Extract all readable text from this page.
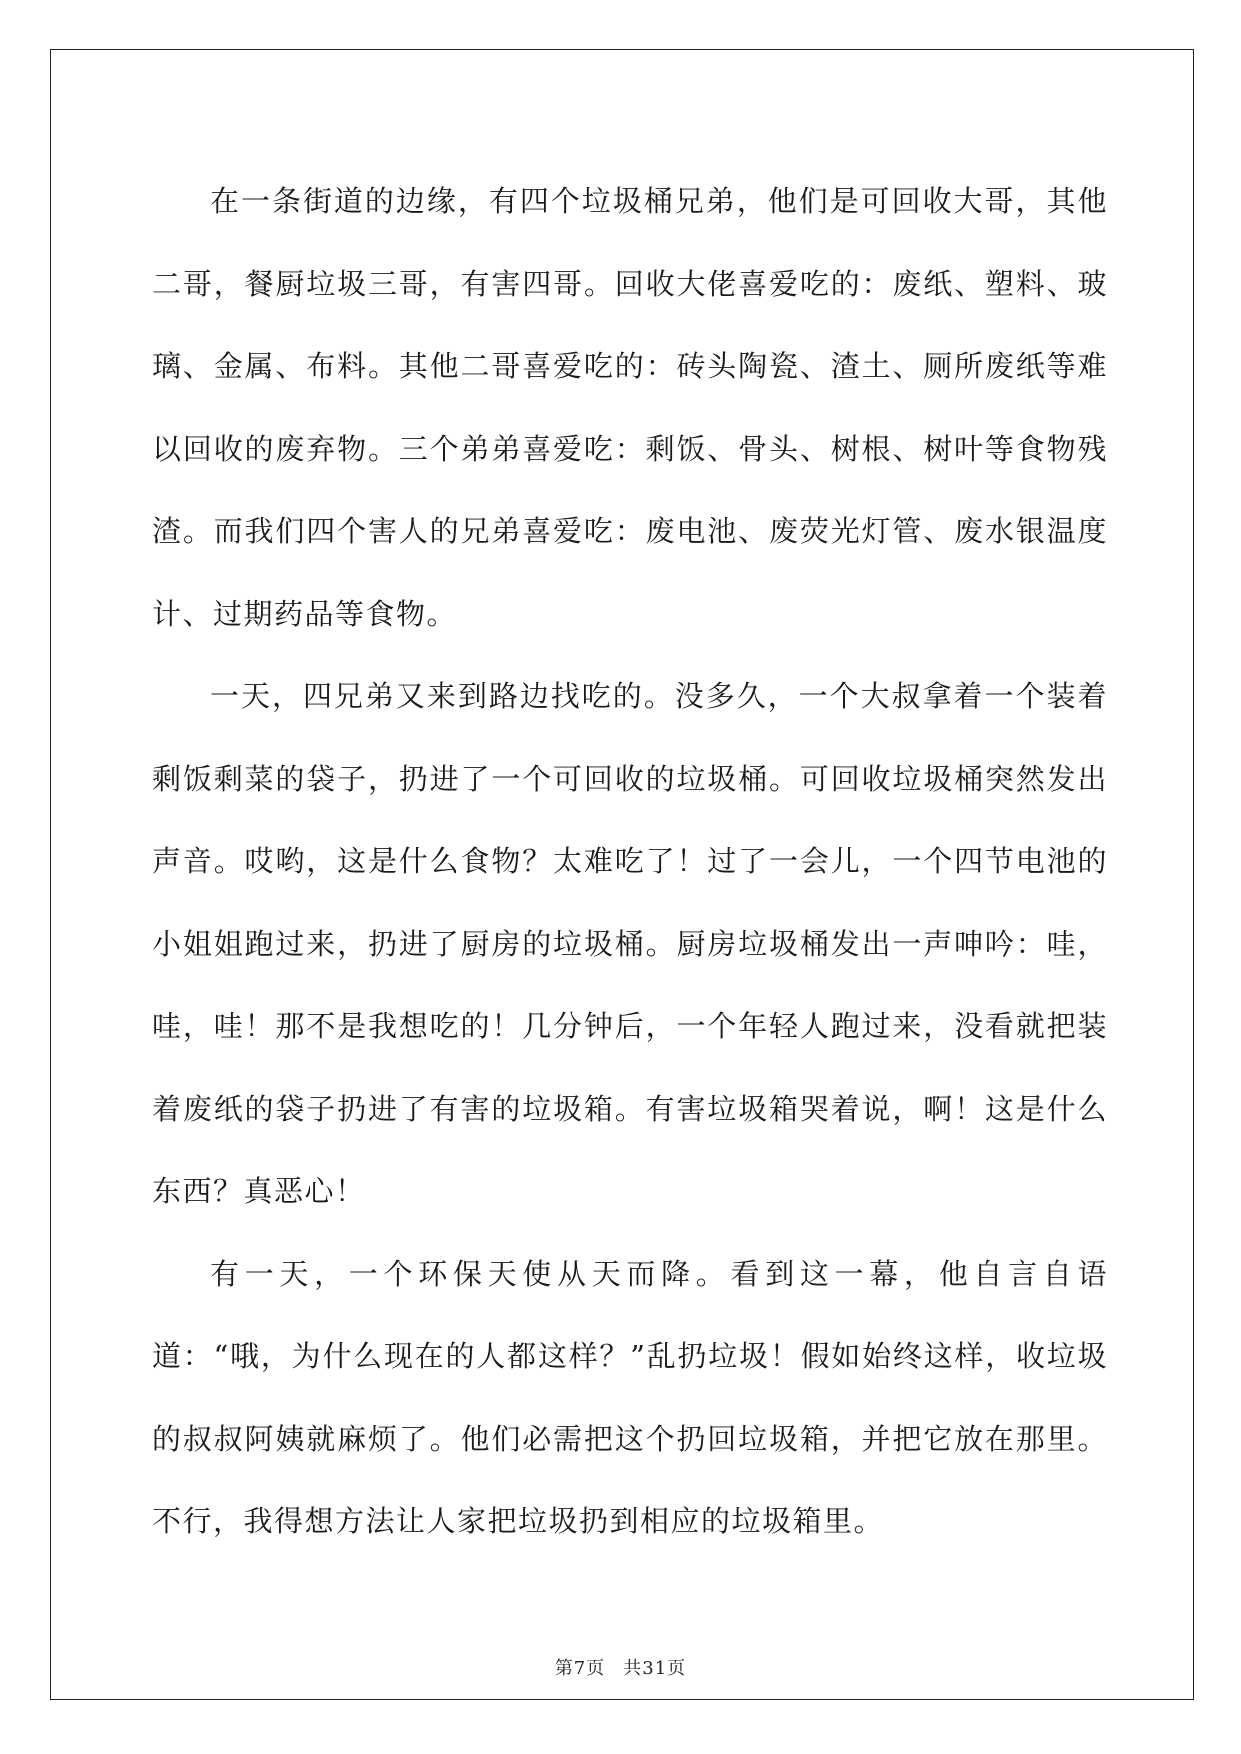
在一条街道的边缘，有四个垃圾桶兄弟，他们是可回收大哥，其他二哥，餐厨垃圾三哥，有害四哥。回收大佬喜爱吃的：废纸、塑料、玻璃、金属、布料。其他二哥喜爱吃的：砖头陶瓷、渣土、厕所废纸等难以回收的废弃物。三个弟弟喜爱吃：剩饭、骨头、树根、树叶等食物残渣。而我们四个害人的兄弟喜爱吃：废电池、废荧光灯管、废水银温度计、过期药品等食物。

一天，四兄弟又来到路边找吃的。没多久，一个大叔拿着一个装着剩饭剩菜的袋子，扔进了一个可回收的垃圾桶。可回收垃圾桶突然发出声音。哎哟，这是什么食物？太难吃了！过了一会儿，一个四节电池的小姐姐跑过来，扔进了厨房的垃圾桶。厨房垃圾桶发出一声呻吟：哇，哇，哇！那不是我想吃的！几分钟后，一个年轻人跑过来，没看就把装着废纸的袋子扔进了有害的垃圾箱。有害垃圾箱哭着说，啊！这是什么东西？真恶心！

有一天，一个环保天使从天而降。看到这一幕，他自言自语道：“哦，为什么现在的人都这样？”乱扔垃圾！假如始终这样，收垃圾的叔叔阿姨就麻烦了。他们必需把这个扔回垃圾箱，并把它放在那里。不行，我得想方法让人家把垃圾扔到相应的垃圾箱里。

第7页 共31页
